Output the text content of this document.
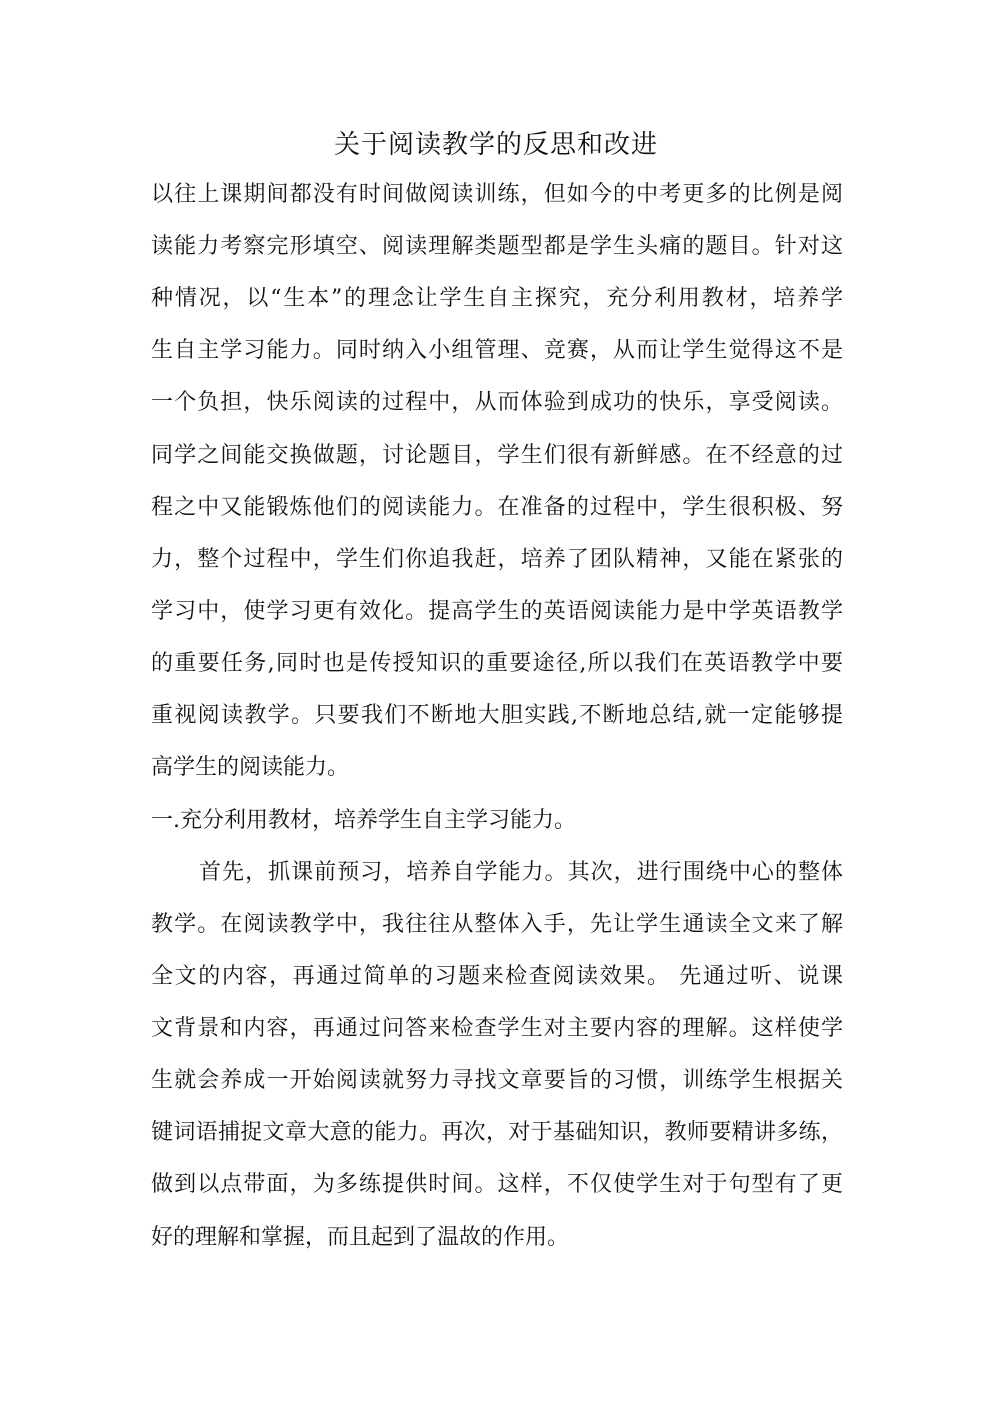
关于阅读教学的反思和改进
以往上课期间都没有时间做阅读训练，但如今的中考更多的比例是阅
读能力考察完形填空、阅读理解类题型都是学生头痛的题目。针对这
种情况，以“生本”的理念让学生自主探究，充分利用教材，培养学
生自主学习能力。同时纳入小组管理、竞赛，从而让学生觉得这不是
一个负担，快乐阅读的过程中，从而体验到成功的快乐，享受阅读。
同学之间能交换做题，讨论题目，学生们很有新鲜感。在不经意的过
程之中又能锻炼他们的阅读能力。在准备的过程中，学生很积极、努
力，整个过程中，学生们你追我赶，培养了团队精神，又能在紧张的
学习中，使学习更有效化。提高学生的英语阅读能力是中学英语教学
的重要任务,同时也是传授知识的重要途径,所以我们在英语教学中要
重视阅读教学。只要我们不断地大胆实践,不断地总结,就一定能够提
高学生的阅读能力。
一.充分利用教材，培养学生自主学习能力。
首先，抓课前预习，培养自学能力。其次，进行围绕中心的整体
教学。在阅读教学中，我往往从整体入手，先让学生通读全文来了解
全文的内容，再通过简单的习题来检查阅读效果。 先通过听、说课
文背景和内容，再通过问答来检查学生对主要内容的理解。这样使学
生就会养成一开始阅读就努力寻找文章要旨的习惯，训练学生根据关
键词语捕捉文章大意的能力。再次，对于基础知识，教师要精讲多练，
做到以点带面，为多练提供时间。这样，不仅使学生对于句型有了更
好的理解和掌握，而且起到了温故的作用。
